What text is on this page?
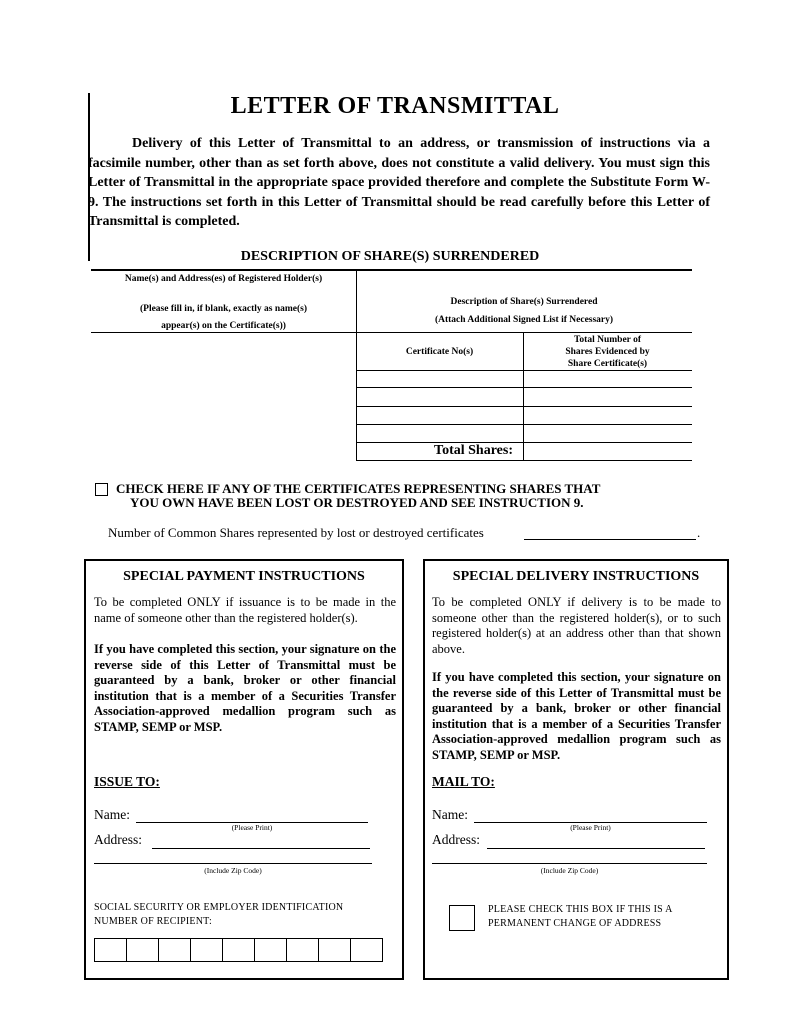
LETTER OF TRANSMITTAL
Delivery of this Letter of Transmittal to an address, or transmission of instructions via a facsimile number, other than as set forth above, does not constitute a valid delivery. You must sign this Letter of Transmittal in the appropriate space provided therefore and complete the Substitute Form W-9. The instructions set forth in this Letter of Transmittal should be read carefully before this Letter of Transmittal is completed.
DESCRIPTION OF SHARE(S) SURRENDERED
Name(s) and Address(es) of Registered Holder(s)
(Please fill in, if blank, exactly as name(s)
appear(s) on the Certificate(s))
Description of Share(s) Surrendered
(Attach Additional Signed List if Necessary)
Certificate No(s)
Total Number of
Shares Evidenced by
Share Certificate(s)
Total Shares:
CHECK HERE IF ANY OF THE CERTIFICATES REPRESENTING SHARES THAT
YOU OWN HAVE BEEN LOST OR DESTROYED AND SEE INSTRUCTION 9.
Number of Common Shares represented by lost or destroyed certificates	.
SPECIAL PAYMENT INSTRUCTIONS
To be completed ONLY if issuance is to be made in the name of someone other than the registered holder(s).
If you have completed this section, your signature on the reverse side of this Letter of Transmittal must be guaranteed by a bank, broker or other financial institution that is a member of a Securities Transfer Association-approved medallion program such as STAMP, SEMP or MSP.
ISSUE TO:
Name:
(Please Print)
Address:
(Include Zip Code)
SOCIAL SECURITY OR EMPLOYER IDENTIFICATION
NUMBER OF RECIPIENT:
SPECIAL DELIVERY INSTRUCTIONS
To be completed ONLY if delivery is to be made to someone other than the registered holder(s), or to such registered holder(s) at an address other than that shown above.
If you have completed this section, your signature on the reverse side of this Letter of Transmittal must be guaranteed by a bank, broker or other financial institution that is a member of a Securities Transfer Association-approved medallion program such as STAMP, SEMP or MSP.
MAIL TO:
Name:
(Please Print)
Address:
(Include Zip Code)
PLEASE CHECK THIS BOX IF THIS IS A
PERMANENT CHANGE OF ADDRESS
